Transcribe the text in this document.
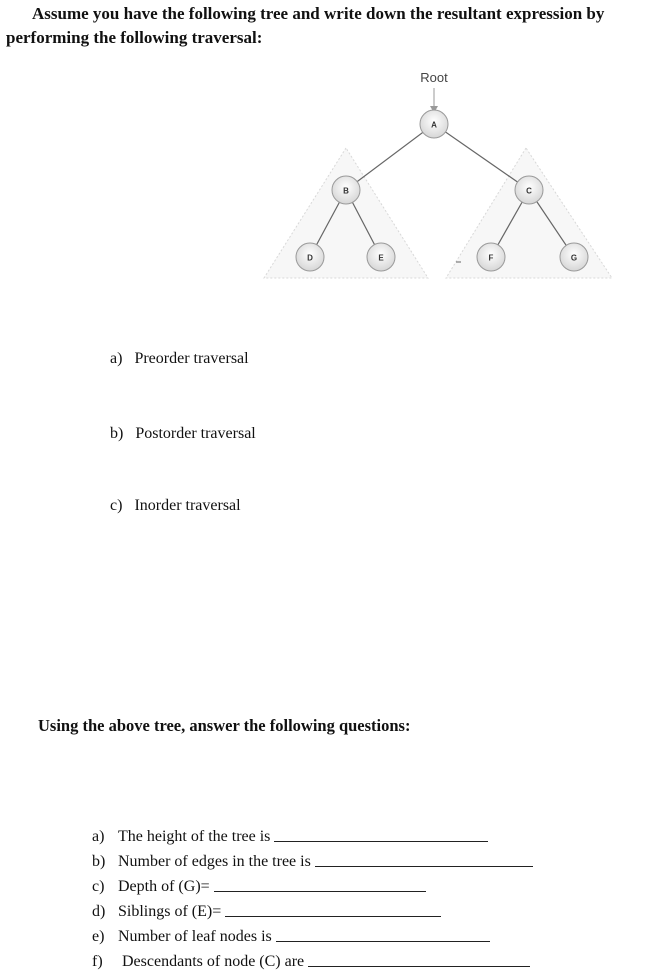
Assume you have the following tree and write down the resultant expression by
performing the following traversal:

Root
A
B	C
D	E	F	G

a) Preorder traversal

b) Postorder traversal

c) Inorder traversal

Using the above tree, answer the following questions:

a) The height of the tree is
b) Number of edges in the tree is
c) Depth of (G)=
d) Siblings of (E)=
e) Number of leaf nodes is
f) Descendants of node (C) are
